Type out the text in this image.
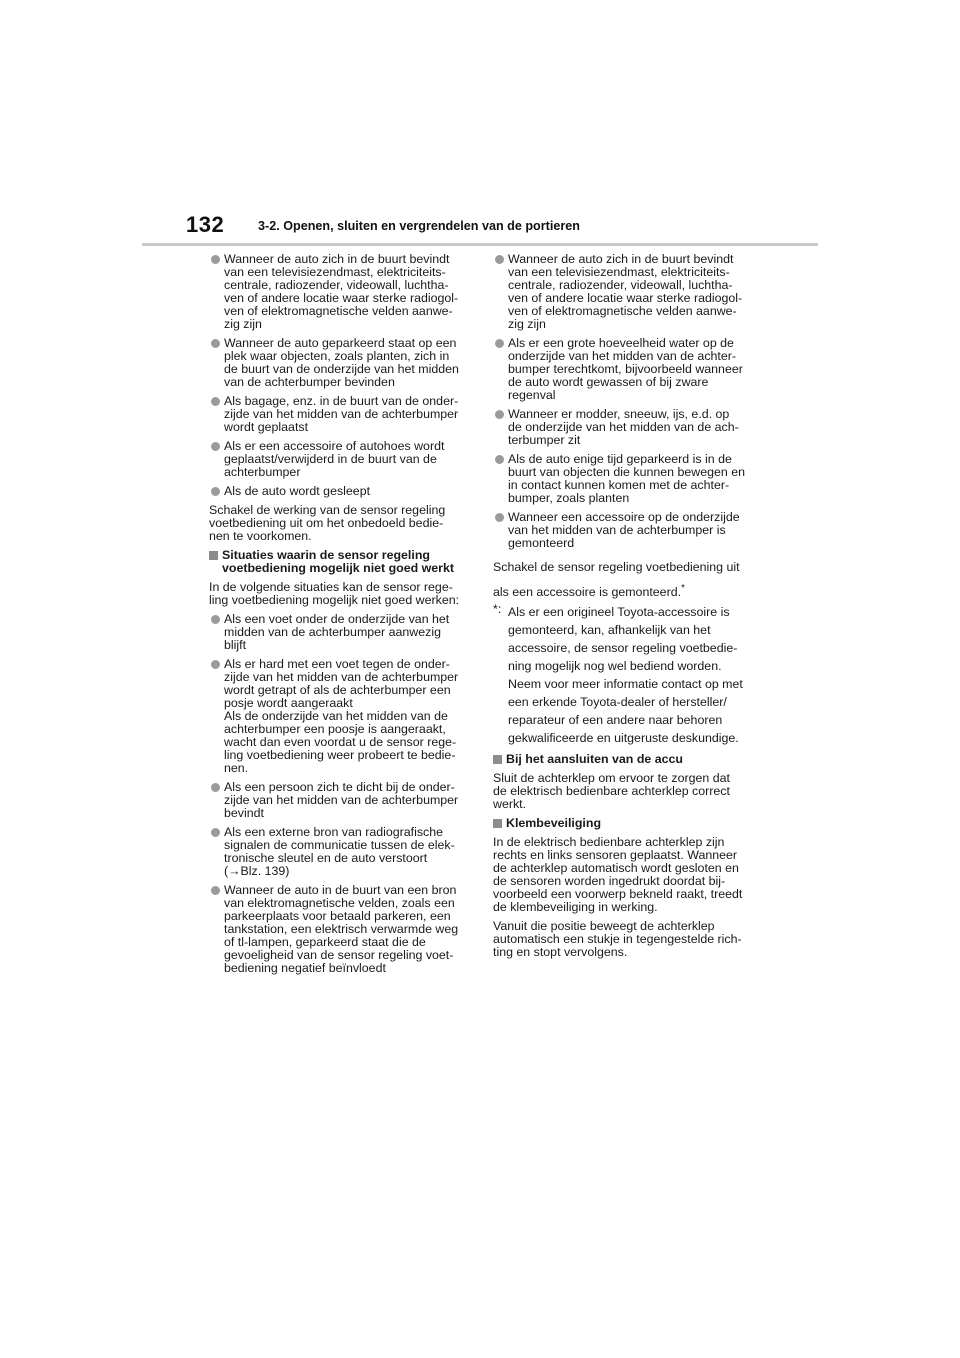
132	3-2. Openen, sluiten en vergrendelen van de portieren

Wanneer de auto zich in de buurt bevindt
van een televisiezendmast, elektriciteits-
centrale, radiozender, videowall, luchtha-
ven of andere locatie waar sterke radiogol-
ven of elektromagnetische velden aanwe-
zig zijn

Wanneer de auto geparkeerd staat op een
plek waar objecten, zoals planten, zich in
de buurt van de onderzijde van het midden
van de achterbumper bevinden

Als bagage, enz. in de buurt van de onder-
zijde van het midden van de achterbumper
wordt geplaatst

Als er een accessoire of autohoes wordt
geplaatst/verwijderd in de buurt van de
achterbumper

Als de auto wordt gesleept

Schakel de werking van de sensor regeling
voetbediening uit om het onbedoeld bedie-
nen te voorkomen.

Situaties waarin de sensor regeling
voetbediening mogelijk niet goed werkt

In de volgende situaties kan de sensor rege-
ling voetbediening mogelijk niet goed werken:

Als een voet onder de onderzijde van het
midden van de achterbumper aanwezig
blijft

Als er hard met een voet tegen de onder-
zijde van het midden van de achterbumper
wordt getrapt of als de achterbumper een
posje wordt aangeraakt
Als de onderzijde van het midden van de
achterbumper een poosje is aangeraakt,
wacht dan even voordat u de sensor rege-
ling voetbediening weer probeert te bedie-
nen.

Als een persoon zich te dicht bij de onder-
zijde van het midden van de achterbumper
bevindt

Als een externe bron van radiografische
signalen de communicatie tussen de elek-
tronische sleutel en de auto verstoort
(→Blz. 139)

Wanneer de auto in de buurt van een bron
van elektromagnetische velden, zoals een
parkeerplaats voor betaald parkeren, een
tankstation, een elektrisch verwarmde weg
of tl-lampen, geparkeerd staat die de
gevoeligheid van de sensor regeling voet-
bediening negatief beïnvloedt

Wanneer de auto zich in de buurt bevindt
van een televisiezendmast, elektriciteits-
centrale, radiozender, videowall, luchtha-
ven of andere locatie waar sterke radiogol-
ven of elektromagnetische velden aanwe-
zig zijn

Als er een grote hoeveelheid water op de
onderzijde van het midden van de achter-
bumper terechtkomt, bijvoorbeeld wanneer
de auto wordt gewassen of bij zware
regenval

Wanneer er modder, sneeuw, ijs, e.d. op
de onderzijde van het midden van de ach-
terbumper zit

Als de auto enige tijd geparkeerd is in de
buurt van objecten die kunnen bewegen en
in contact kunnen komen met de achter-
bumper, zoals planten

Wanneer een accessoire op de onderzijde
van het midden van de achterbumper is
gemonteerd

Schakel de sensor regeling voetbediening uit

als een accessoire is gemonteerd.*

*: Als er een origineel Toyota-accessoire is
gemonteerd, kan, afhankelijk van het
accessoire, de sensor regeling voetbedie-
ning mogelijk nog wel bediend worden.
Neem voor meer informatie contact op met
een erkende Toyota-dealer of hersteller/
reparateur of een andere naar behoren
gekwalificeerde en uitgeruste deskundige.

Bij het aansluiten van de accu

Sluit de achterklep om ervoor te zorgen dat
de elektrisch bedienbare achterklep correct
werkt.

Klembeveiliging

In de elektrisch bedienbare achterklep zijn
rechts en links sensoren geplaatst. Wanneer
de achterklep automatisch wordt gesloten en
de sensoren worden ingedrukt doordat bij-
voorbeeld een voorwerp bekneld raakt, treedt
de klembeveiliging in werking.

Vanuit die positie beweegt de achterklep
automatisch een stukje in tegengestelde rich-
ting en stopt vervolgens.
